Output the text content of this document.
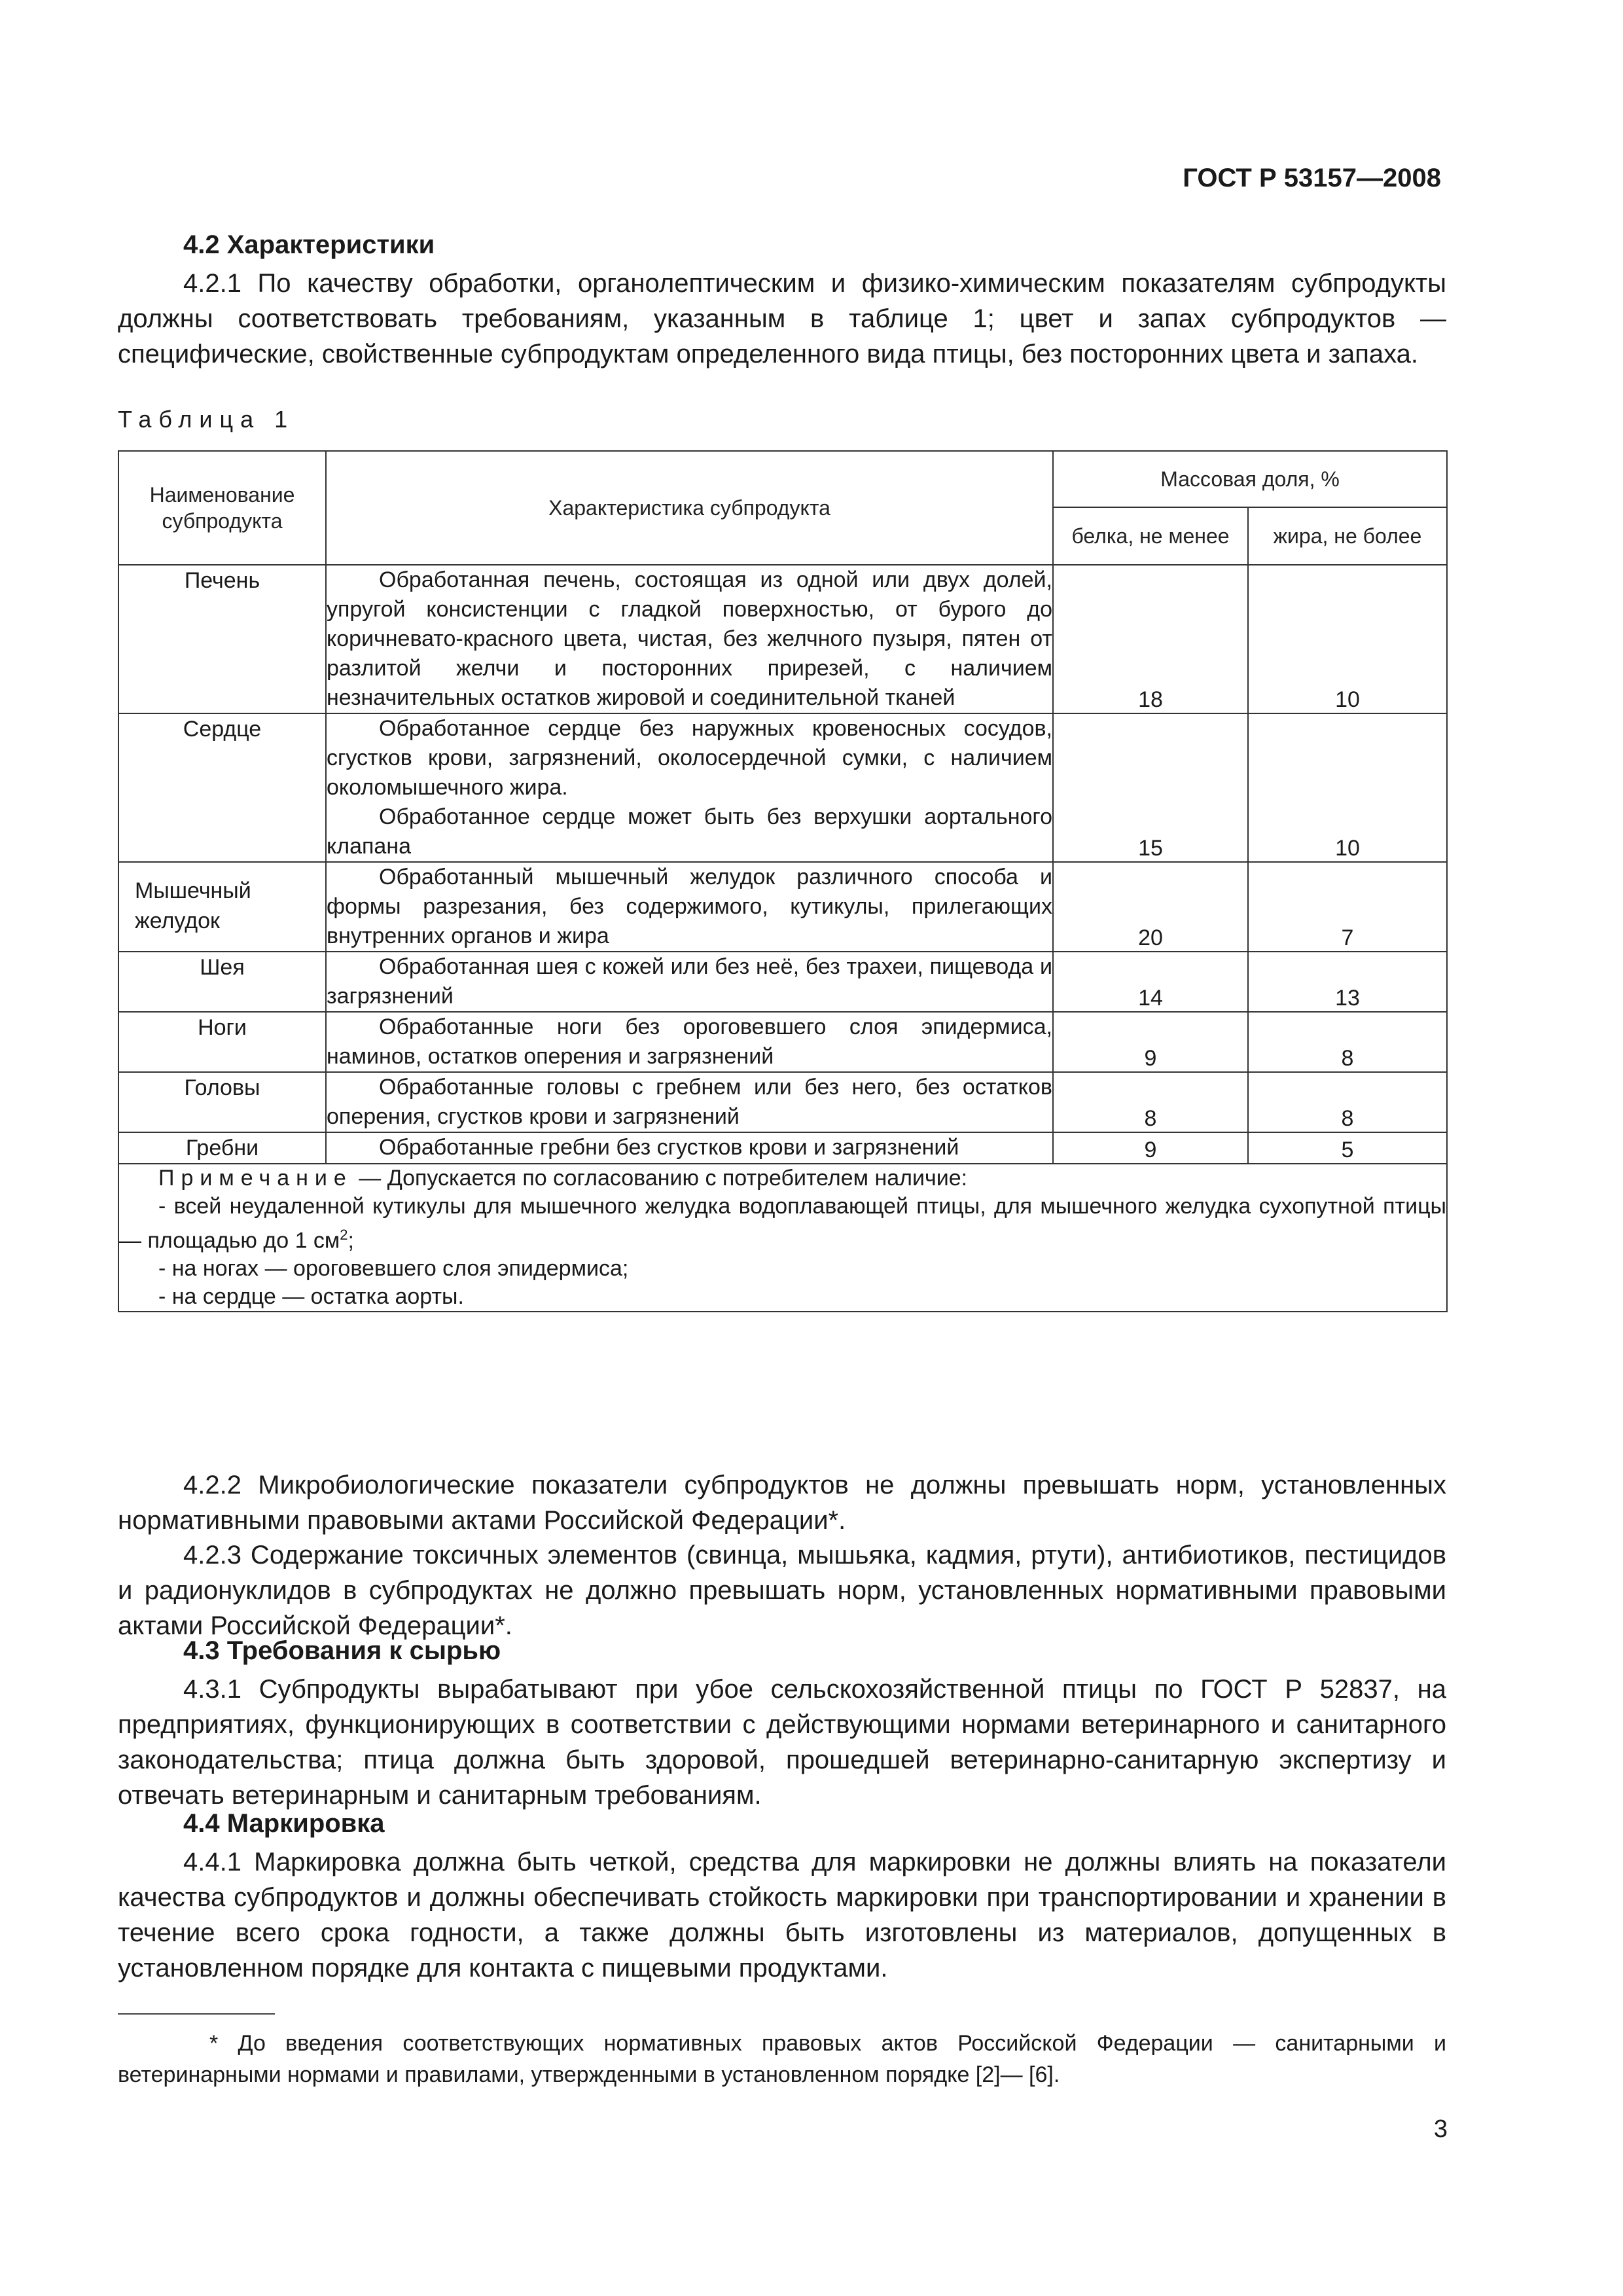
ГОСТ Р 53157—2008
4.2 Характеристики

4.2.1 По качеству обработки, органолептическим и физико-химическим показателям субпродукты должны соответствовать требованиям, указанным в таблице 1; цвет и запах субпродуктов — специфические, свойственные субпродуктам определенного вида птицы, без посторонних цвета и запаха.

Таблица 1
Наименование субпродукта	Характеристика субпродукта	Массовая доля, %	
		белка, не менее	жира, не более
Печень	Обработанная печень, состоящая из одной или двух долей, упругой консистенции с гладкой поверхностью, от бурого до коричневато-красного цвета, чистая, без желчного пузыря, пятен от разлитой желчи и посторонних прирезей, с наличием незначительных остатков жировой и соединительной тканей	18	10
Сердце	Обработанное сердце без наружных кровеносных сосудов, сгустков крови, загрязнений, околосердечной сумки, с наличием околомышечного жира.
Обработанное сердце может быть без верхушки аортального клапана	15	10
Мышечный желудок	Обработанный мышечный желудок различного способа и формы разрезания, без содержимого, кутикулы, прилегающих внутренних органов и жира	20	7
Шея	Обработанная шея с кожей или без неё, без трахеи, пищевода и загрязнений	14	13
Ноги	Обработанные ноги без ороговевшего слоя эпидермиса, наминов, остатков оперения и загрязнений	9	8
Головы	Обработанные головы с гребнем или без него, без остатков оперения, сгустков крови и загрязнений	8	8
Гребни	Обработанные гребни без сгустков крови и загрязнений	9	5

Примечание — Допускается по согласованию с потребителем наличие:
- всей неудаленной кутикулы для мышечного желудка водоплавающей птицы, для мышечного желудка сухопутной птицы — площадью до 1 $см^2$;
- на ногах — ороговевшего слоя эпидермиса;
- на сердце — остатка аорты.			

4.2.2 Микробиологические показатели субпродуктов не должны превышать норм, установленных нормативными правовыми актами Российской Федерации*.

4.2.3 Содержание токсичных элементов (свинца, мышьяка, кадмия, ртути), антибиотиков, пестицидов и радионуклидов в субпродуктах не должно превышать норм, установленных нормативными правовыми актами Российской Федерации*.

4.3 Требования к сырью

4.3.1 Субпродукты вырабатывают при убое сельскохозяйственной птицы по ГОСТ Р 52837, на предприятиях, функционирующих в соответствии с действующими нормами ветеринарного и санитарного законодательства; птица должна быть здоровой, прошедшей ветеринарно-санитарную экспертизу и отвечать ветеринарным и санитарным требованиям.

4.4 Маркировка

4.4.1 Маркировка должна быть четкой, средства для маркировки не должны влиять на показатели качества субпродуктов и должны обеспечивать стойкость маркировки при транспортировании и хранении в течение всего срока годности, а также должны быть изготовлены из материалов, допущенных в установленном порядке для контакта с пищевыми продуктами.

* До введения соответствующих нормативных правовых актов Российской Федерации — санитарными и ветеринарными нормами и правилами, утвержденными в установленном порядке [2]— [6].
3
